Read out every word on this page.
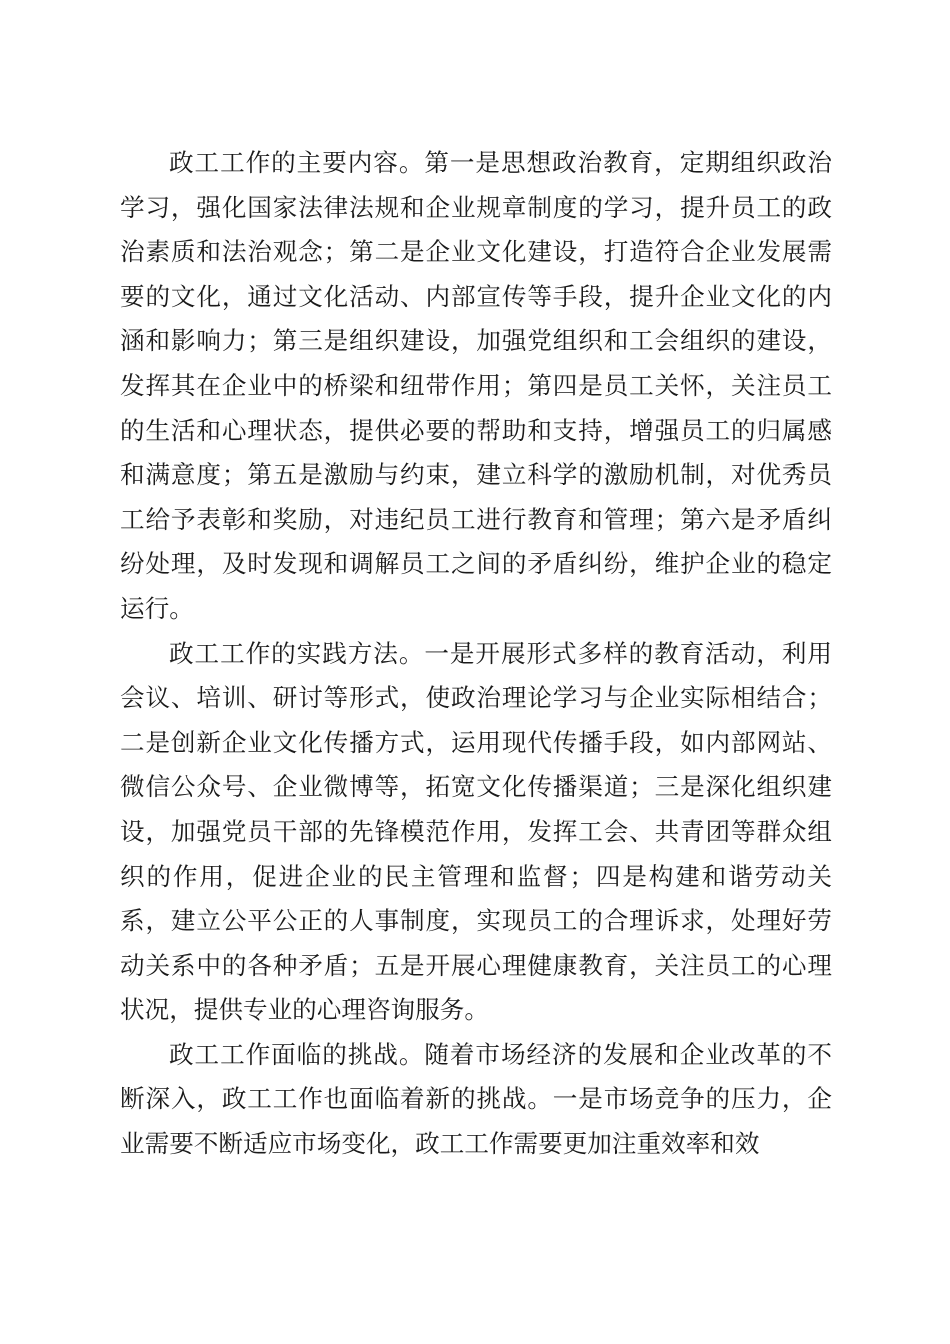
政工工作的主要内容。第一是思想政治教育，定期组织政治学习，强化国家法律法规和企业规章制度的学习，提升员工的政治素质和法治观念；第二是企业文化建设，打造符合企业发展需要的文化，通过文化活动、内部宣传等手段，提升企业文化的内涵和影响力；第三是组织建设，加强党组织和工会组织的建设，发挥其在企业中的桥梁和纽带作用；第四是员工关怀，关注员工的生活和心理状态，提供必要的帮助和支持，增强员工的归属感和满意度；第五是激励与约束，建立科学的激励机制，对优秀员工给予表彰和奖励，对违纪员工进行教育和管理；第六是矛盾纠纷处理，及时发现和调解员工之间的矛盾纠纷，维护企业的稳定运行。

政工工作的实践方法。一是开展形式多样的教育活动，利用会议、培训、研讨等形式，使政治理论学习与企业实际相结合；二是创新企业文化传播方式，运用现代传播手段，如内部网站、微信公众号、企业微博等，拓宽文化传播渠道；三是深化组织建设，加强党员干部的先锋模范作用，发挥工会、共青团等群众组织的作用，促进企业的民主管理和监督；四是构建和谐劳动关系，建立公平公正的人事制度，实现员工的合理诉求，处理好劳动关系中的各种矛盾；五是开展心理健康教育，关注员工的心理状况，提供专业的心理咨询服务。

政工工作面临的挑战。随着市场经济的发展和企业改革的不断深入，政工工作也面临着新的挑战。一是市场竞争的压力，企业需要不断适应市场变化，政工工作需要更加注重效率和效
